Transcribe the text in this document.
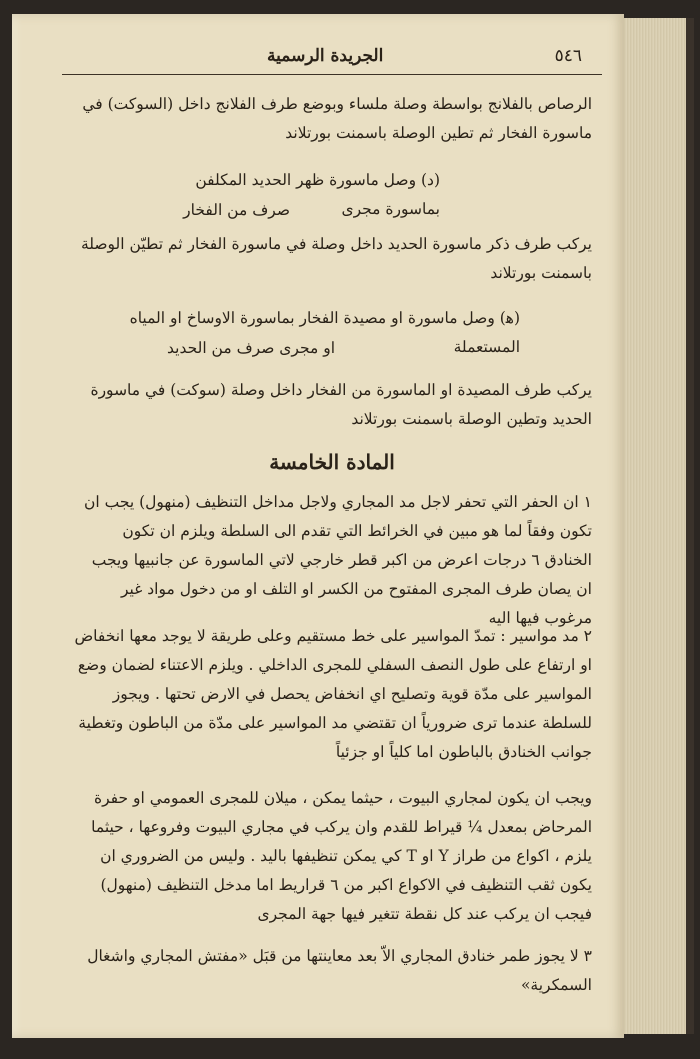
الجريدة الرسمية	٥٤٦
الرصاص بالفلانج بواسطة وصلة ملساء وبوضع طرف الفلانج داخل (السوكت) في ماسورة الفخار ثم تطين الوصلة باسمنت بورتلاند
(د) وصل ماسورة ظهر الحديد المكلفن بماسورة مجرى
صرف من الفخار
يركب طرف ذكر ماسورة الحديد داخل وصلة في ماسورة الفخار ثم تطيّن الوصلة باسمنت بورتلاند
(ﻫ) وصل ماسورة او مصيدة الفخار بماسورة الاوساخ او المياه المستعملة
او مجرى صرف من الحديد
يركب طرف المصيدة او الماسورة من الفخار داخل وصلة (سوكت) في ماسورة الحديد وتطين الوصلة باسمنت بورتلاند
المادة الخامسة
١ ان الحفر التي تحفر لاجل مد المجاري ولاجل مداخل التنظيف (منهول) يجب ان تكون وفقاً لما هو مبين في الخرائط التي تقدم الى السلطة ويلزم ان تكون الخنادق ٦ درجات اعرض من اكبر قطر خارجي لاتي الماسورة عن جانبيها ويجب ان يصان طرف المجرى المفتوح من الكسر او التلف او من دخول مواد غير مرغوب فيها اليه
٢ مد مواسير : تمدّ المواسير على خط مستقيم وعلى طريقة لا يوجد معها انخفاض او ارتفاع على طول النصف السفلي للمجرى الداخلي . ويلزم الاعتناء لضمان وضع المواسير على مدّة قوية وتصليح اي انخفاض يحصل في الارض تحتها . ويجوز للسلطة عندما ترى ضرورياً ان تقتضي مد المواسير على مدّة من الباطون وتغطية جوانب الخنادق بالباطون اما كلياً او جزئياً
ويجب ان يكون لمجاري البيوت ، حيثما يمكن ، ميلان للمجرى العمومي او حفرة المرحاض بمعدل ¼ قيراط للقدم وان يركب في مجاري البيوت وفروعها ، حيثما يلزم ، اكواع من طراز Y او T كي يمكن تنظيفها باليد . وليس من الضروري ان يكون ثقب التنظيف في الاكواع اكبر من ٦ قراريط اما مدخل التنظيف (منهول) فيجب ان يركب عند كل نقطة تتغير فيها جهة المجرى
٣ لا يجوز طمر خنادق المجاري الاّ بعد معاينتها من قبَل «مفتش المجاري واشغال السمكرية»
